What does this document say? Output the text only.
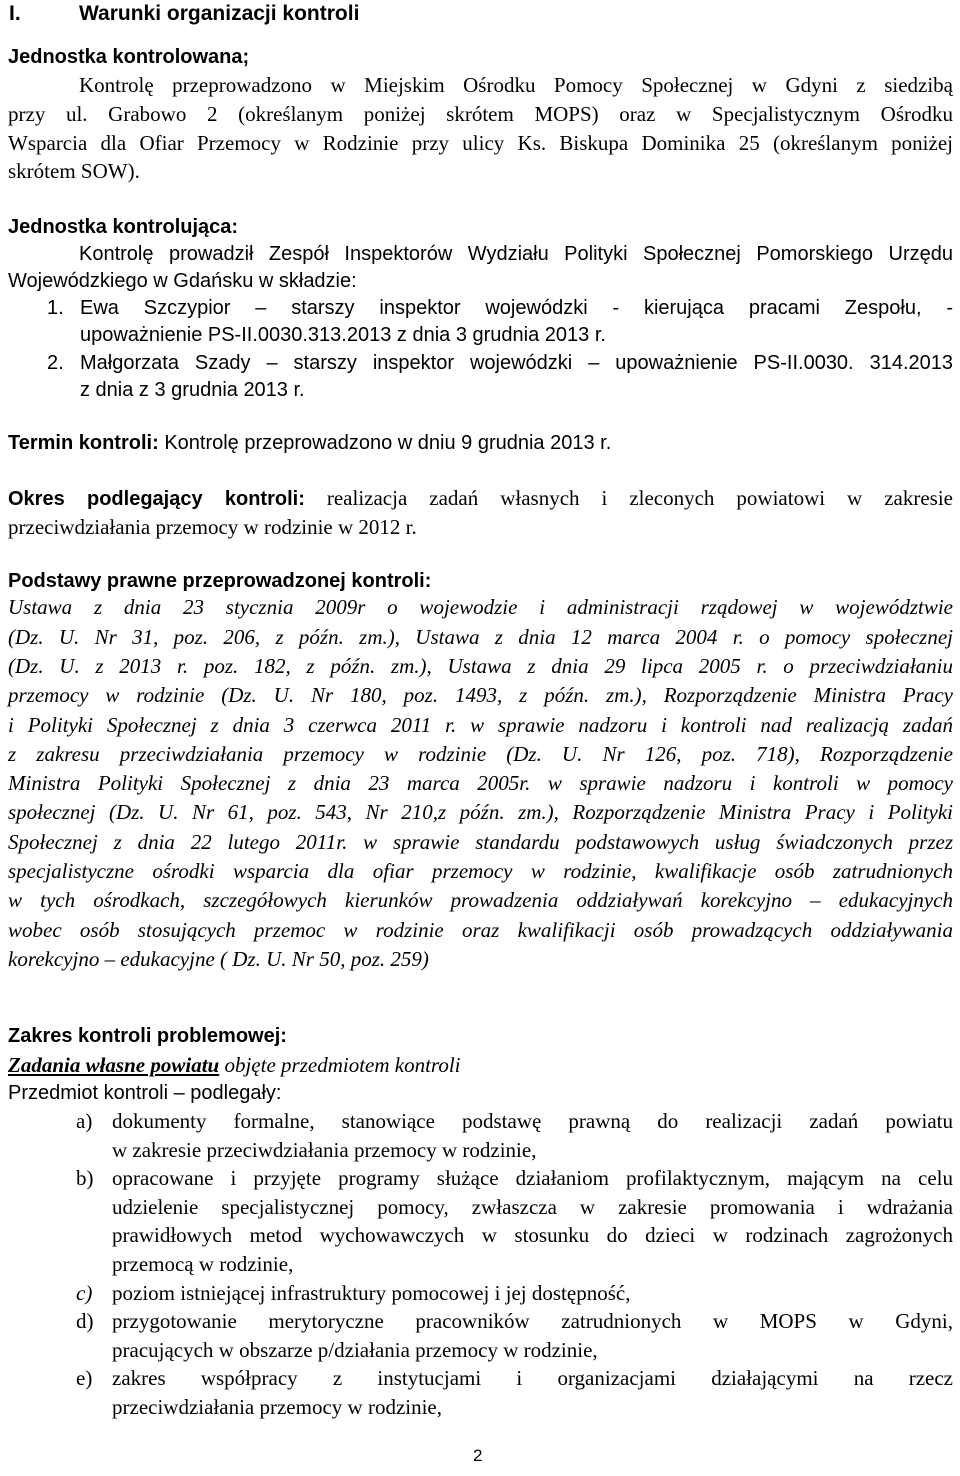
I.	Warunki organizacji kontroli
Jednostka kontrolowana;
Kontrolę przeprowadzono w Miejskim Ośrodku Pomocy Społecznej w Gdyni z siedzibą
przy ul. Grabowo 2 (określanym poniżej skrótem MOPS) oraz w Specjalistycznym Ośrodku
Wsparcia dla Ofiar Przemocy w Rodzinie przy ulicy Ks. Biskupa Dominika 25 (określanym poniżej
skrótem SOW).
Jednostka kontrolująca:
Kontrolę prowadził Zespół Inspektorów Wydziału Polityki Społecznej Pomorskiego Urzędu
Wojewódzkiego w Gdańsku w składzie:
1. Ewa Szczypior – starszy inspektor wojewódzki - kierująca pracami Zespołu, -
upoważnienie PS-II.0030.313.2013 z dnia 3 grudnia 2013 r.
2. Małgorzata Szady – starszy inspektor wojewódzki – upoważnienie PS-II.0030. 314.2013
z dnia z 3 grudnia 2013 r.
Termin kontroli: Kontrolę przeprowadzono w dniu 9 grudnia 2013 r.
Okres podlegający kontroli: realizacja zadań własnych i zleconych powiatowi w zakresie
przeciwdziałania przemocy w rodzinie w 2012 r.
Podstawy prawne przeprowadzonej kontroli:
Ustawa z dnia 23 stycznia 2009r o wojewodzie i administracji rządowej w województwie
(Dz. U. Nr 31, poz. 206, z późn. zm.), Ustawa z dnia 12 marca 2004 r. o pomocy społecznej
(Dz. U. z 2013 r. poz. 182, z późn. zm.), Ustawa z dnia 29 lipca 2005 r. o przeciwdziałaniu
przemocy w rodzinie (Dz. U. Nr 180, poz. 1493, z późn. zm.), Rozporządzenie Ministra Pracy
i Polityki Społecznej z dnia 3 czerwca 2011 r. w sprawie nadzoru i kontroli nad realizacją zadań
z zakresu przeciwdziałania przemocy w rodzinie (Dz. U. Nr 126, poz. 718), Rozporządzenie
Ministra Polityki Społecznej z dnia 23 marca 2005r. w sprawie nadzoru i kontroli w pomocy
społecznej (Dz. U. Nr 61, poz. 543, Nr 210,z późn. zm.), Rozporządzenie Ministra Pracy i Polityki
Społecznej z dnia 22 lutego 2011r. w sprawie standardu podstawowych usług świadczonych przez
specjalistyczne ośrodki wsparcia dla ofiar przemocy w rodzinie, kwalifikacje osób zatrudnionych
w tych ośrodkach, szczegółowych kierunków prowadzenia oddziaływań korekcyjno – edukacyjnych
wobec osób stosujących przemoc w rodzinie oraz kwalifikacji osób prowadzących oddziaływania
korekcyjno – edukacyjne ( Dz. U. Nr 50, poz. 259)
Zakres kontroli problemowej:
Zadania własne powiatu objęte przedmiotem kontroli
Przedmiot kontroli – podlegały:
a) dokumenty formalne, stanowiące podstawę prawną do realizacji zadań powiatu
w zakresie przeciwdziałania przemocy w rodzinie,
b) opracowane i przyjęte programy służące działaniom profilaktycznym, mającym na celu
udzielenie specjalistycznej pomocy, zwłaszcza w zakresie promowania i wdrażania
prawidłowych metod wychowawczych w stosunku do dzieci w rodzinach zagrożonych
przemocą w rodzinie,
c) poziom istniejącej infrastruktury pomocowej i jej dostępność,
d) przygotowanie merytoryczne pracowników zatrudnionych w MOPS w Gdyni,
pracujących w obszarze p/działania przemocy w rodzinie,
e) zakres współpracy z instytucjami i organizacjami działającymi na rzecz
przeciwdziałania przemocy w rodzinie,
2
